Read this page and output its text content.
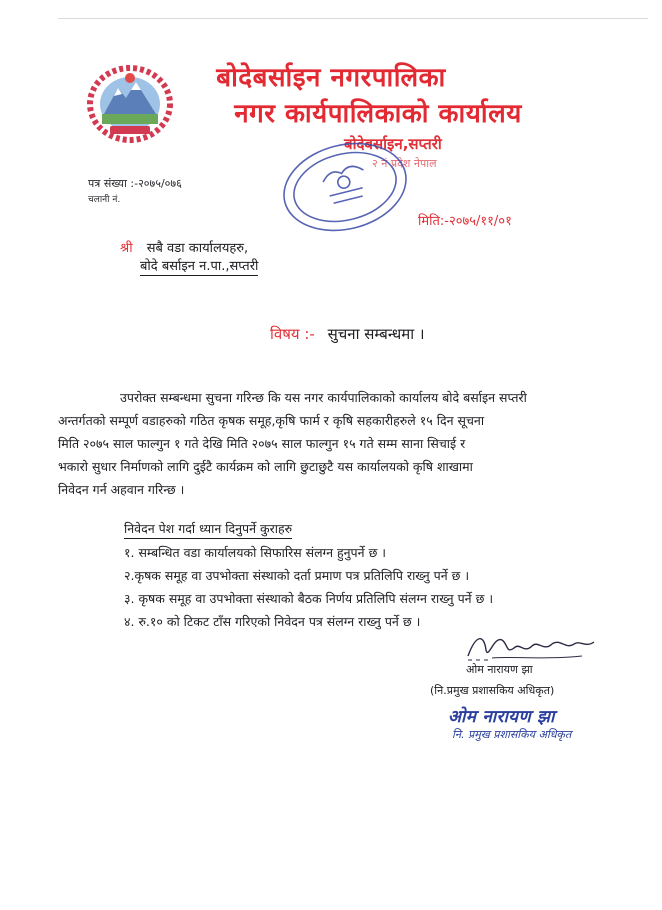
बोदेबर्साइन नगरपालिका
नगर कार्यपालिकाको कार्यालय
बोदेबर्साइन,सप्तरी
२ नं प्रदेश नेपाल
पत्र संख्या :-२०७५/०७६
चलानी नं.
मिति:-२०७५/११/०१
श्री सबै वडा कार्यालयहरु,
बोदे बर्साइन न.पा.,सप्तरी
विषय :- सुचना सम्बन्धमा ।
उपरोक्त सम्बन्धमा सुचना गरिन्छ कि यस नगर कार्यपालिकाको कार्यालय बोदे बर्साइन सप्तरी
अन्तर्गतको सम्पूर्ण वडाहरुको गठित कृषक समूह,कृषि फार्म र कृषि सहकारीहरुले १५ दिन सूचना
मिति २०७५ साल फाल्गुन १ गते देखि मिति २०७५ साल फाल्गुन १५ गते सम्म साना सिचाई र
भकारो सुधार निर्माणको लागि दुईटै कार्यक्रम को लागि छुटाछुटै यस कार्यालयको कृषि शाखामा
निवेदन गर्न अहवान गरिन्छ ।
निवेदन पेश गर्दा ध्यान दिनुपर्ने कुराहरु
१. सम्बन्धित वडा कार्यालयको सिफारिस संलग्न हुनुपर्ने छ ।
२.कृषक समूह वा उपभोक्ता संस्थाको दर्ता प्रमाण पत्र प्रतिलिपि राख्नु पर्ने छ ।
३. कृषक समूह वा उपभोक्ता संस्थाको बैठक निर्णय प्रतिलिपि संलग्न राख्नु पर्ने छ ।
४. रु.१० को टिकट टाँस गरिएको निवेदन पत्र संलग्न राख्नु पर्ने छ ।
ओम नारायण झा
(नि.प्रमुख प्रशासकिय अधिकृत)
ओम नारायण झा
नि. प्रमुख प्रशासकिय अधिकृत
